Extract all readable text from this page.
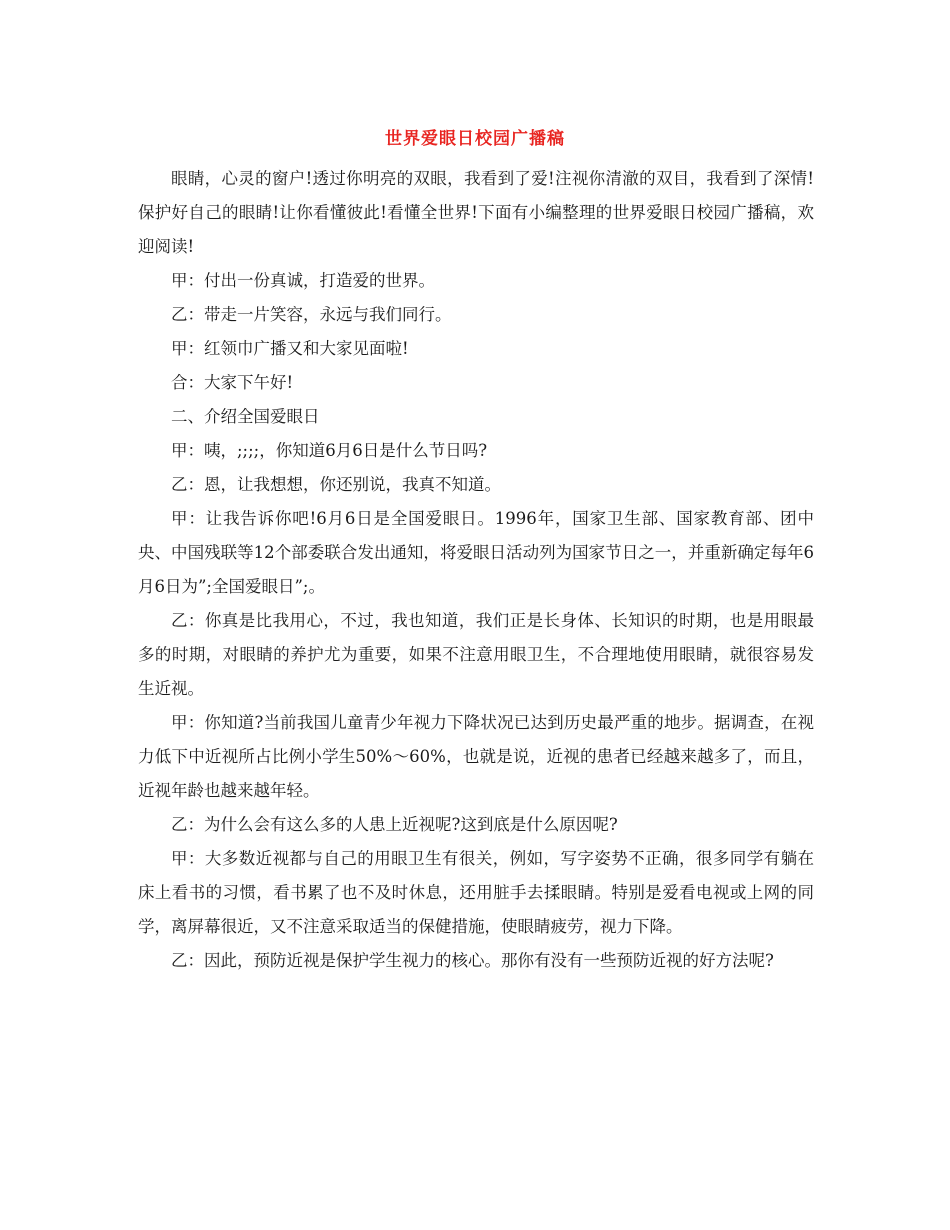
世界爱眼日校园广播稿

眼睛，心灵的窗户!透过你明亮的双眼，我看到了爱!注视你清澈的双目，我看到了深情!保护好自己的眼睛!让你看懂彼此!看懂全世界!下面有小编整理的世界爱眼日校园广播稿，欢迎阅读!

甲：付出一份真诚，打造爱的世界。

乙：带走一片笑容，永远与我们同行。

甲：红领巾广播又和大家见面啦!

合：大家下午好!

二、介绍全国爱眼日

甲：咦，;;;;，你知道6月6日是什么节日吗?

乙：恩，让我想想，你还别说，我真不知道。

甲：让我告诉你吧!6月6日是全国爱眼日。1996年，国家卫生部、国家教育部、团中央、中国残联等12个部委联合发出通知，将爱眼日活动列为国家节日之一，并重新确定每年6月6日为”;全国爱眼日”;。

乙：你真是比我用心，不过，我也知道，我们正是长身体、长知识的时期，也是用眼最多的时期，对眼睛的养护尤为重要，如果不注意用眼卫生，不合理地使用眼睛，就很容易发生近视。

甲：你知道?当前我国儿童青少年视力下降状况已达到历史最严重的地步。据调查，在视力低下中近视所占比例小学生50%～60%，也就是说，近视的患者已经越来越多了，而且，近视年龄也越来越年轻。

乙：为什么会有这么多的人患上近视呢?这到底是什么原因呢?

甲：大多数近视都与自己的用眼卫生有很关，例如，写字姿势不正确，很多同学有躺在床上看书的习惯，看书累了也不及时休息，还用脏手去揉眼睛。特别是爱看电视或上网的同学，离屏幕很近，又不注意采取适当的保健措施，使眼睛疲劳，视力下降。

乙：因此，预防近视是保护学生视力的核心。那你有没有一些预防近视的好方法呢?
